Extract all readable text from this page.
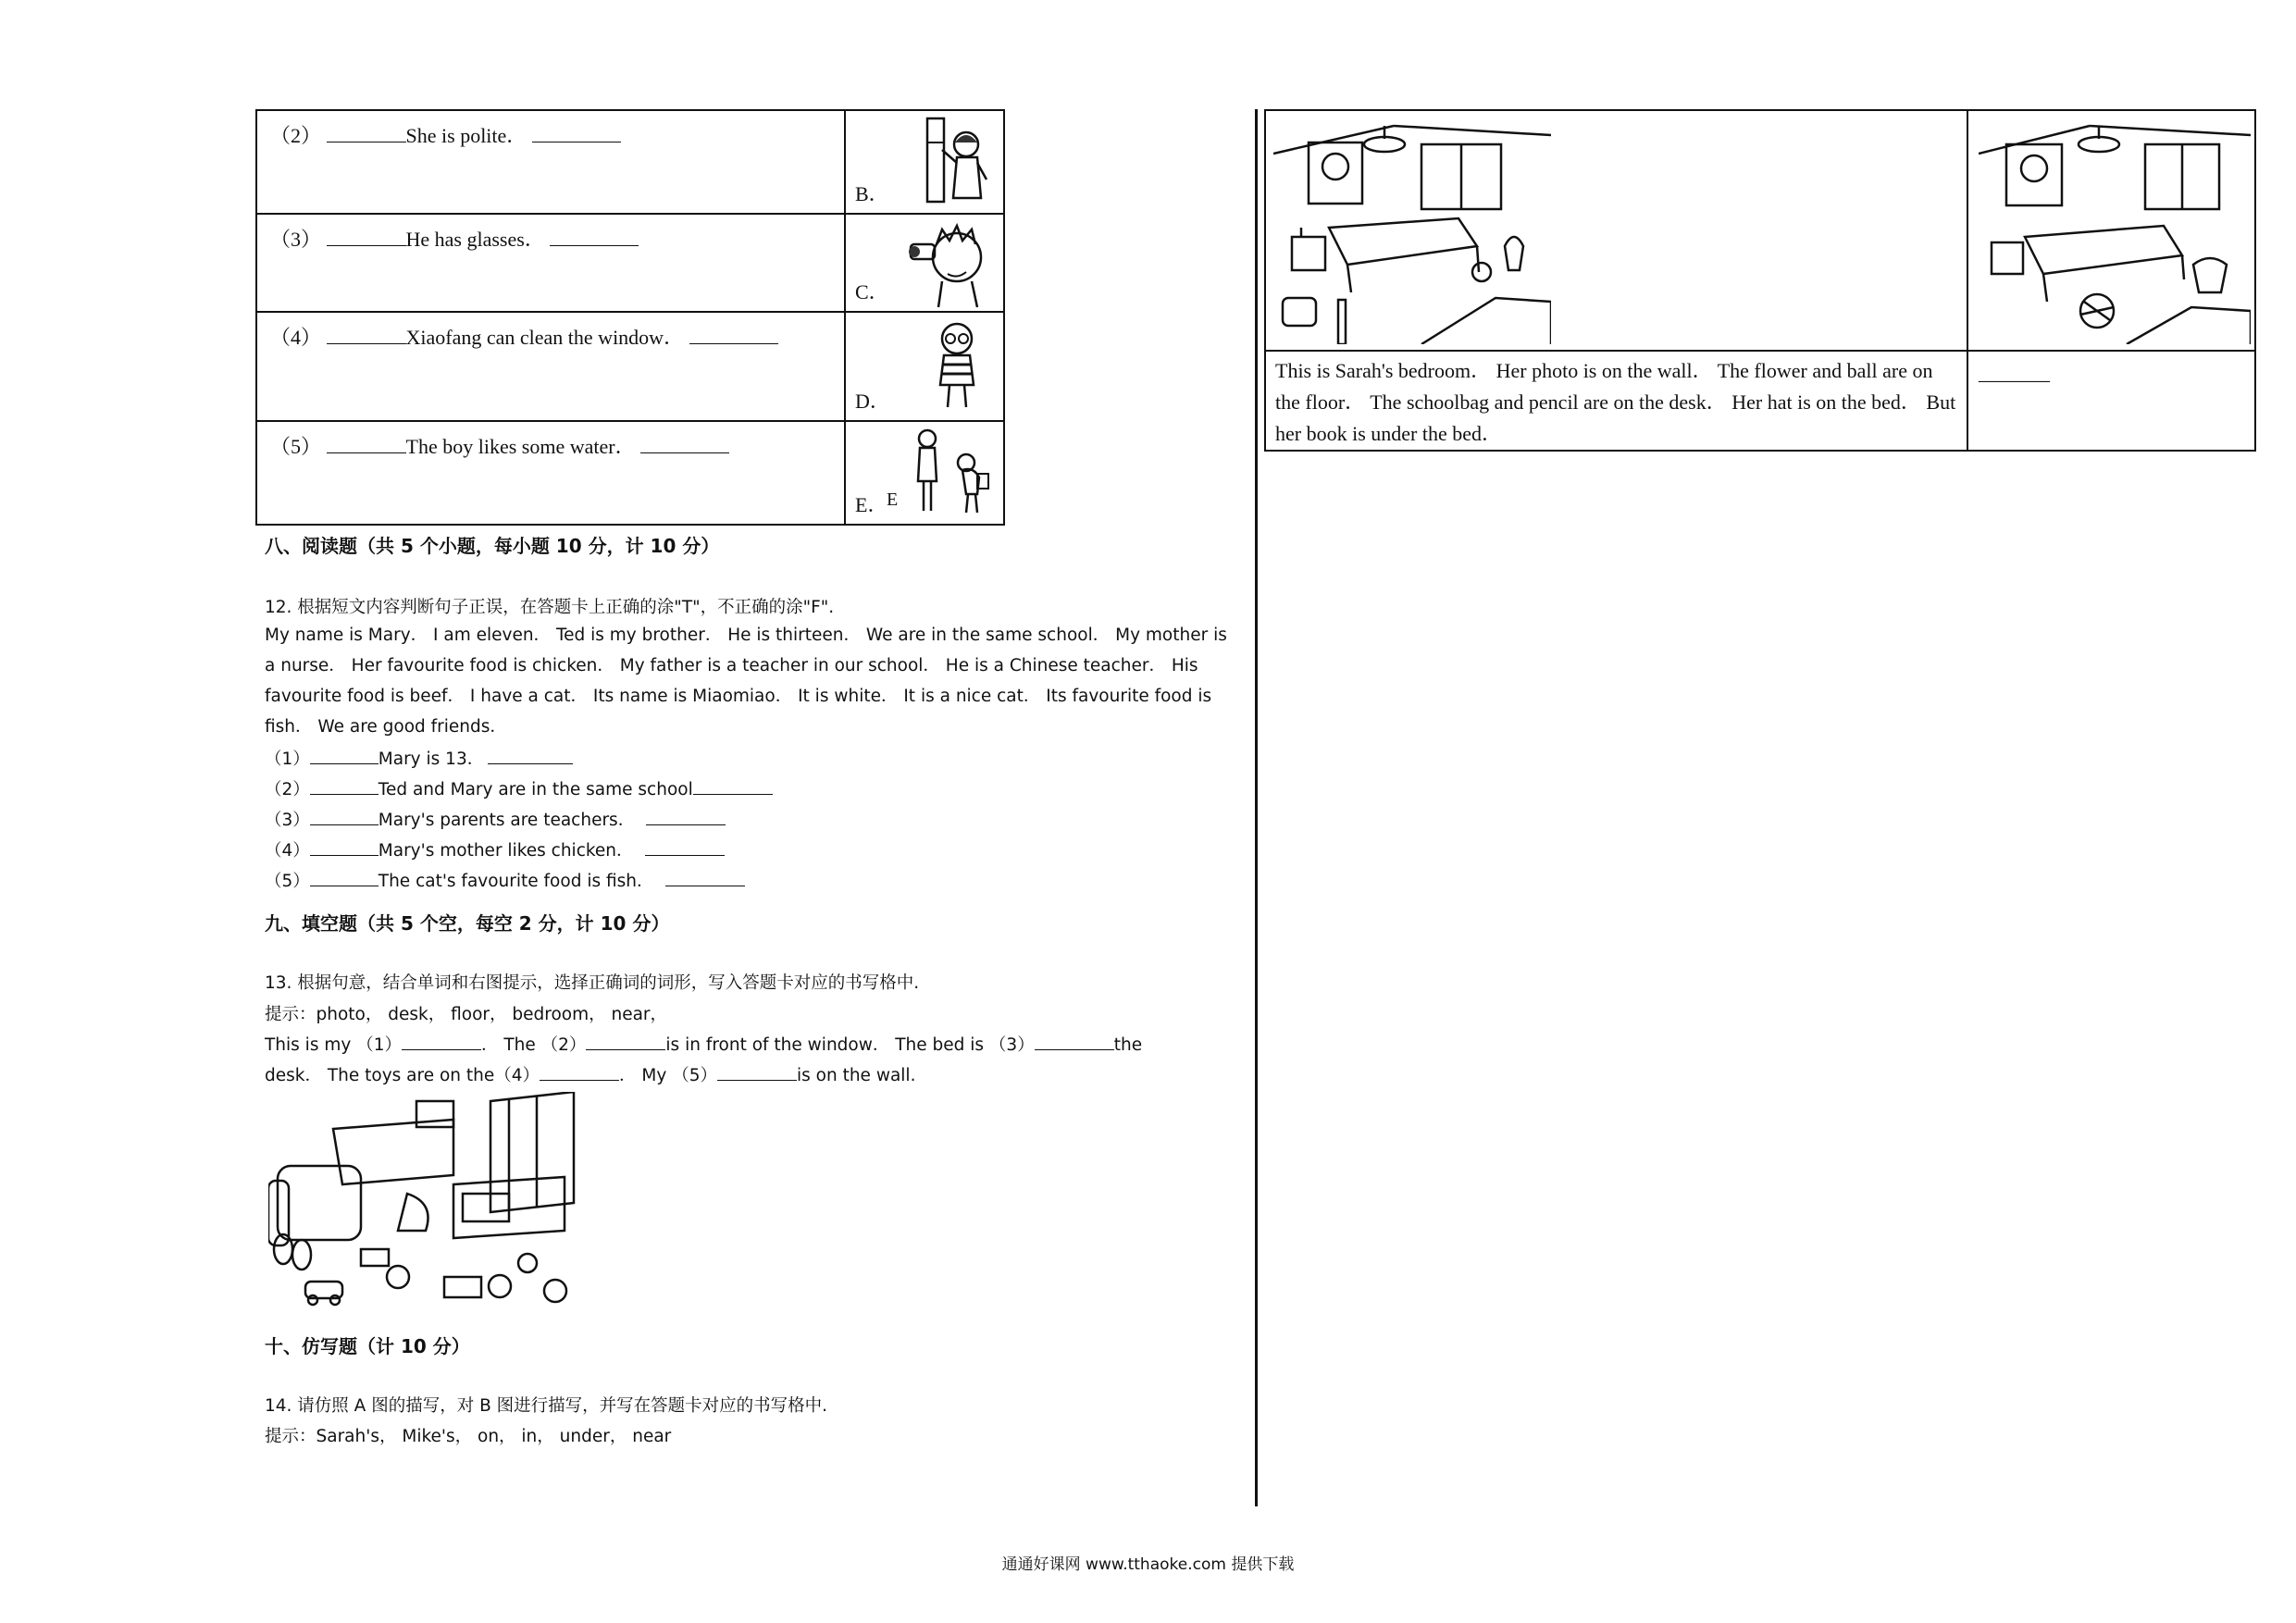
（2） She is polite．	B．

（3） He has glasses．	C．

（4） Xiaofang can clean the window．	D．

（5） The boy likes some water．	E．
E
八、阅读题（共 5 个小题，每小题 10 分，计 10 分）
12. 根据短文内容判断句子正误，在答题卡上正确的涂"T"，不正确的涂"F".
My name is Mary． I am eleven． Ted is my brother． He is thirteen． We are in the same school． My mother is a nurse． Her favourite food is chicken． My father is a teacher in our school． He is a Chinese teacher． His favourite food is beef． I have a cat． Its name is Miaomiao． It is white． It is a nice cat． Its favourite food is fish． We are good friends．
（1）	Mary is 13．
（2）	Ted and Mary are in the same school
（3）	Mary's parents are teachers．
（4）	Mary's mother likes chicken．
（5）	The cat's favourite food is fish．
九、填空题（共 5 个空，每空 2 分，计 10 分）
13. 根据句意，结合单词和右图提示，选择正确词的词形，写入答题卡对应的书写格中.
提示：photo， desk， floor， bedroom， near，
This is my （1）	． The （2）	is in front of the window． The bed is （3）	the
desk． The toys are on the（4）	． My （5）	is on the wall.
十、仿写题（计 10 分）
14. 请仿照 A 图的描写，对 B 图进行描写，并写在答题卡对应的书写格中.
提示：Sarah's， Mike's， on， in， under， near
This is Sarah's bedroom． Her photo is on the wall． The flower and ball are on the floor． The schoolbag and pencil are on the desk． Her hat is on the bed． But her book is under the bed．
_______
通通好课网 www.tthaoke.com 提供下载
